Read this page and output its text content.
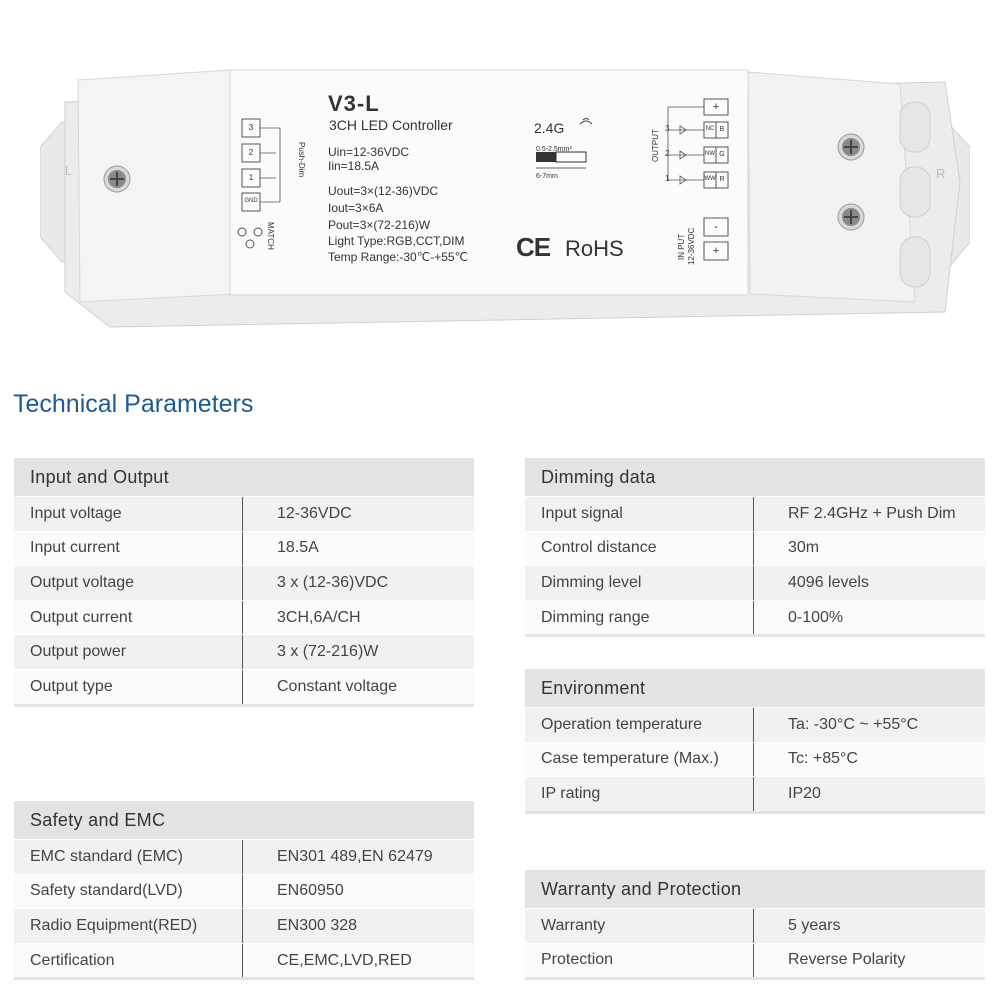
V3-L
3CH LED Controller
Uin=12-36VDC
Iin=18.5A
Uout=3×(12-36)VDC
Iout=3×6A
Pout=3×(72-216)W
Light Type:RGB,CCT,DIM
Temp Range:-30℃-+55℃
2.4G
0.5-2.5mm²
6-7mm
CE RoHS
3
2
1
GND
Push-Dim
MATCH
OUTPUT
3
2
1
+
NC B
NW G
WW R
IN PUT 12-36VDC
-
+
L	R
Technical Parameters
Input and Output
Input voltage	12-36VDC
Input current	18.5A
Output voltage	3 x (12-36)VDC
Output current	3CH,6A/CH
Output power	3 x (72-216)W
Output type	Constant voltage
Safety and EMC
EMC standard (EMC)	EN301 489,EN 62479
Safety standard(LVD)	EN60950
Radio Equipment(RED)	EN300 328
Certification	CE,EMC,LVD,RED
Dimming data
Input signal	RF 2.4GHz + Push Dim
Control distance	30m
Dimming level	4096 levels
Dimming range	0-100%
Environment
Operation temperature	Ta: -30°C ~ +55°C
Case temperature (Max.)	Tc: +85°C
IP rating	IP20
Warranty and Protection
Warranty	5 years
Protection	Reverse Polarity
